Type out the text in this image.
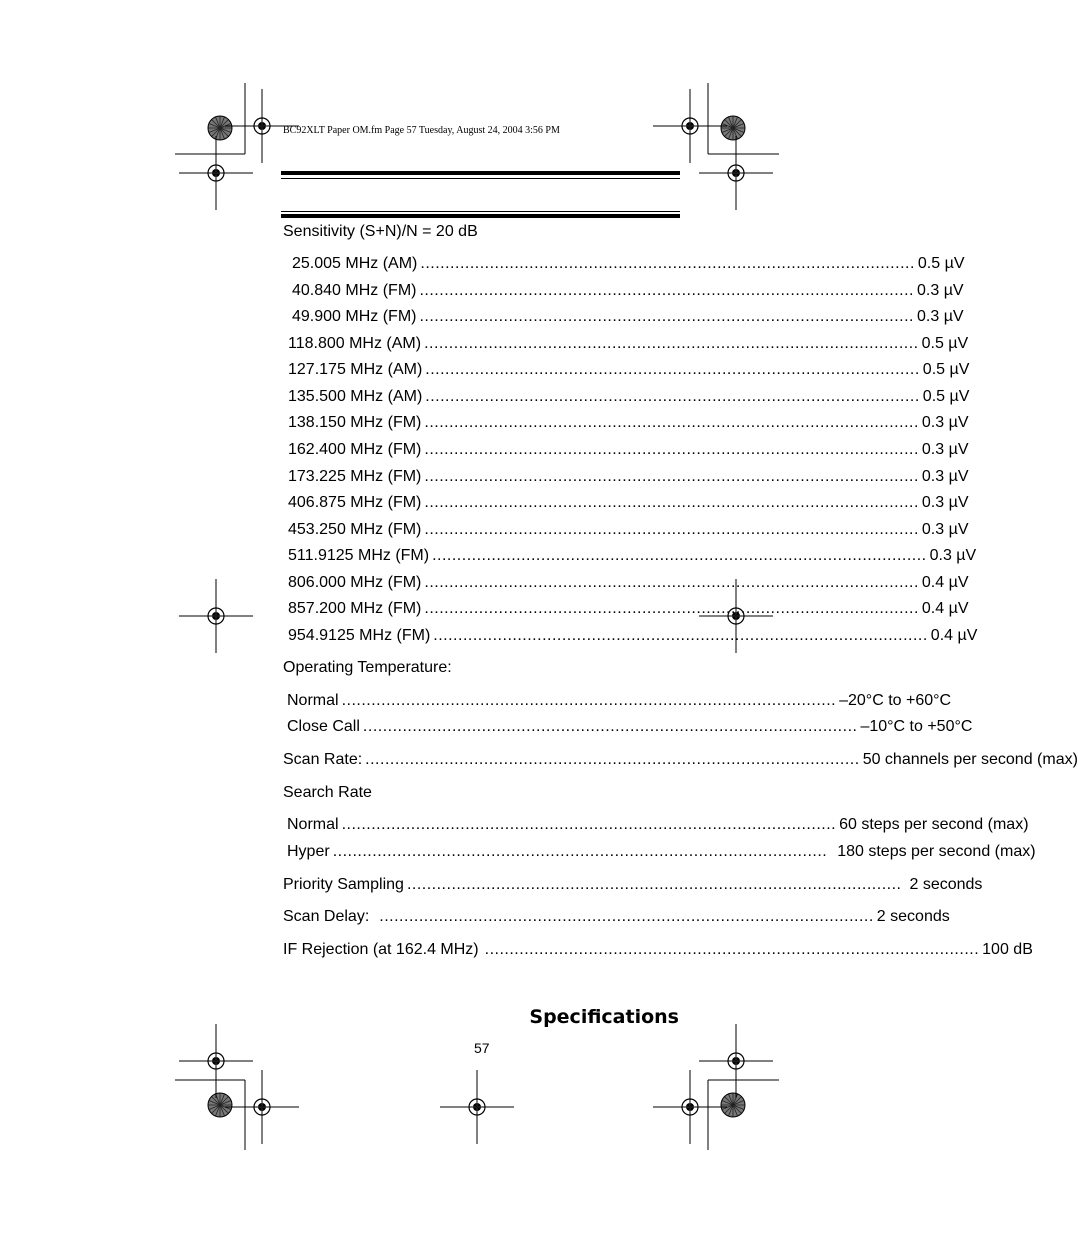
BC92XLT Paper OM.fm Page 57 Tuesday, August 24, 2004 3:56 PM
Sensitivity (S+N)/N = 20 dB
25.005 MHz (AM) .................................................................................................... 0.5 µV
40.840 MHz (FM) .................................................................................................... 0.3 µV
49.900 MHz (FM) .................................................................................................... 0.3 µV
118.800 MHz (AM) .................................................................................................... 0.5 µV
127.175 MHz (AM) .................................................................................................... 0.5 µV
135.500 MHz (AM) .................................................................................................... 0.5 µV
138.150 MHz (FM) .................................................................................................... 0.3 µV
162.400 MHz (FM) .................................................................................................... 0.3 µV
173.225 MHz (FM) .................................................................................................... 0.3 µV
406.875 MHz (FM) .................................................................................................... 0.3 µV
453.250 MHz (FM) .................................................................................................... 0.3 µV
511.9125 MHz (FM) .................................................................................................... 0.3 µV
806.000 MHz (FM) .................................................................................................... 0.4 µV
857.200 MHz (FM) .................................................................................................... 0.4 µV
954.9125 MHz (FM) .................................................................................................... 0.4 µV
Operating Temperature:
Normal .................................................................................................... –20°C to +60°C
Close Call .................................................................................................... –10°C to +50°C
Scan Rate: .................................................................................................... 50 channels per second (max)
Search Rate
Normal .................................................................................................... 60 steps per second (max)
Hyper .................................................................................................... 180 steps per second (max)
Priority Sampling .................................................................................................... 2 seconds
Scan Delay: .................................................................................................... 2 seconds
IF Rejection (at 162.4 MHz) .................................................................................................... 100 dB
Specifications
57
